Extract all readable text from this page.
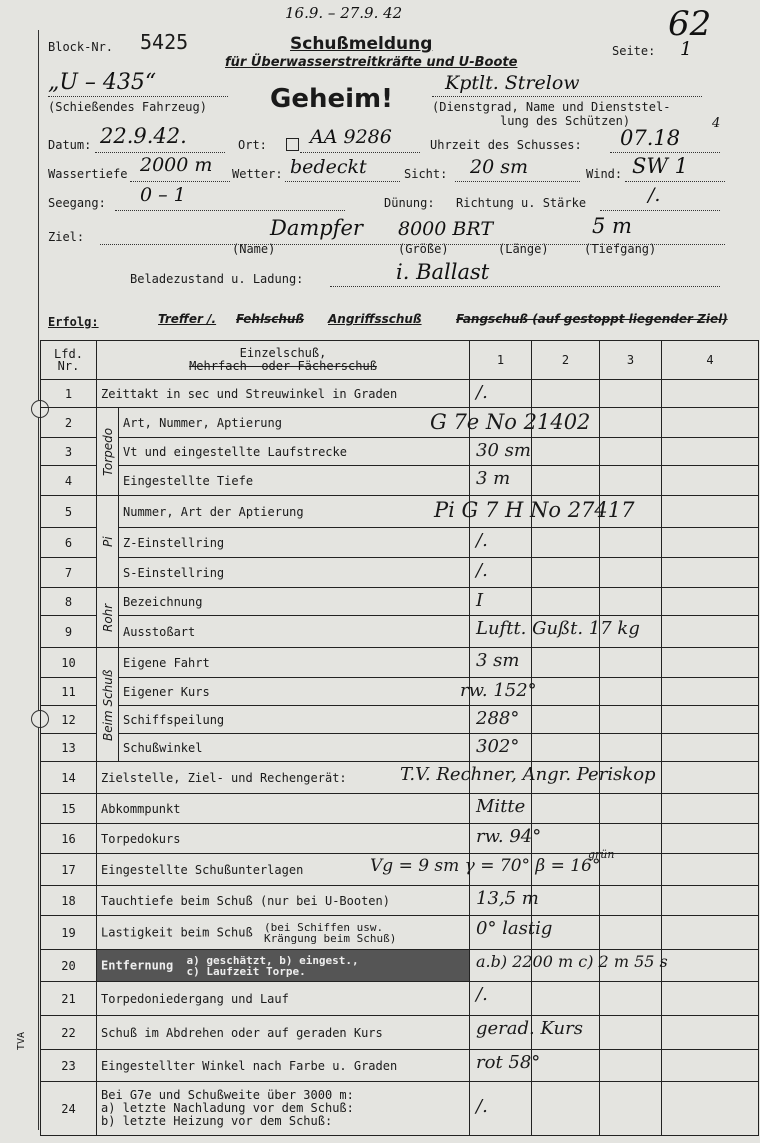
16.9. – 27.9. 42	62
Block-Nr. 5425	Schußmeldung
für Überwasserstreitkräfte und U-Boote
Seite: 1
„U – 435“
(Schießendes Fahrzeug)
Kptlt. Strelow
Geheim!	(Dienstgrad, Name und Dienststel-
lung des Schützen)
Datum: 22.9.42.	Ort: AA 9286	Uhrzeit des Schusses: 07.18
4
Wassertiefe 2000 m Wetter: bedeckt	Sicht: 20 sm	Wind: SW 1
Seegang: 0 – 1	Dünung: Richtung u. Stärke	/.
Ziel:	Dampfer 8000 BRT	5 m
(Name)	(Größe)	(Länge)	(Tiefgang)
Beladezustand u. Ladung:	i. Ballast
Erfolg:	Treffer /. Fehlschuß Angriffsschuß	Fangschuß (auf gestoppt liegender Ziel)
Lfd. Nr.	Einzelschuß,
Mehrfach- oder Fächerschuß		1	2	3	4
1	Zeittakt in sec und Streuwinkel in Graden		/.			

2	Torpedo	Art, Nummer, Aptierung	G 7e No 21402			

3		Vt und eingestellte Laufstrecke	30 sm			

4		Eingestellte Tiefe	3 m			

5	Pi	Nummer, Art der Aptierung	Pi G 7 H No 27417			

6		Z-Einstellring	/.			

7		S-Einstellring	/.			

8	Rohr	Bezeichnung	I			

9		Ausstoßart	Luftt. Gußt. 17 kg			

10	Beim Schuß	Eigene Fahrt	3 sm			

11		Eigener Kurs	rw. 152°			

12		Schiffspeilung	288°			

13		Schußwinkel	302°			

14	Zielstelle, Ziel- und Rechengerät:		T.V. Rechner, Angr. Periskop			

15	Abkommpunkt		Mitte			

16	Torpedokurs		rw. 94°			

17	Eingestellte Schußunterlagen		Vg = 9 sm γ = 70° β = 16°
grün			

18	Tauchtiefe beim Schuß (nur bei U-Booten)		13,5 m			

19	Lastigkeit beim Schuß (bei Schiffen usw.
Krängung beim Schuß)		0° lastig			

20	Entfernung a) geschätzt, b) eingest.,
c) Laufzeit Torpe.		a.b) 2200 m c) 2 m 55 s			

21	Torpedoniedergang und Lauf		/.			

22	Schuß im Abdrehen oder auf geraden Kurs		gerad. Kurs			

23	Eingestellter Winkel nach Farbe u. Graden		rot 58°			

24	Bei G7e und Schußweite über 3000 m:
a) letzte Nachladung vor dem Schuß:
b) letzte Heizung vor dem Schuß:		/.			

TVA
